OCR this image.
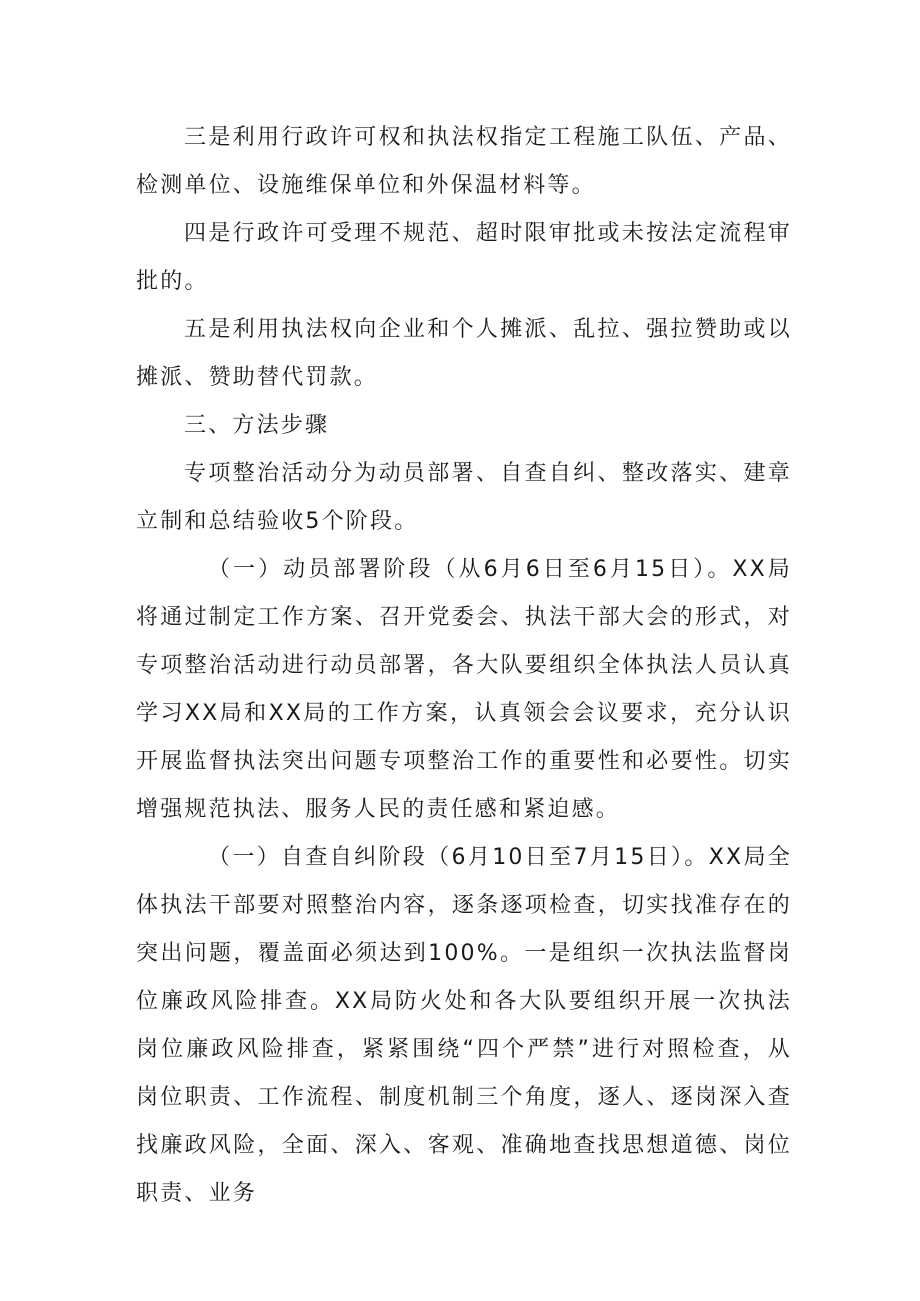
三是利用行政许可权和执法权指定工程施工队伍、产品、检测单位、设施维保单位和外保温材料等。

四是行政许可受理不规范、超时限审批或未按法定流程审批的。

五是利用执法权向企业和个人摊派、乱拉、强拉赞助或以摊派、赞助替代罚款。

三、方法步骤

专项整治活动分为动员部署、自查自纠、整改落实、建章立制和总结验收5个阶段。

（一）动员部署阶段（从6月6日至6月15日）。XX局将通过制定工作方案、召开党委会、执法干部大会的形式，对专项整治活动进行动员部署，各大队要组织全体执法人员认真学习XX局和XX局的工作方案，认真领会会议要求，充分认识开展监督执法突出问题专项整治工作的重要性和必要性。切实增强规范执法、服务人民的责任感和紧迫感。

（一）自查自纠阶段（6月10日至7月15日）。XX局全体执法干部要对照整治内容，逐条逐项检查，切实找准存在的突出问题，覆盖面必须达到100%。一是组织一次执法监督岗位廉政风险排查。XX局防火处和各大队要组织开展一次执法岗位廉政风险排查，紧紧围绕“四个严禁”进行对照检查，从岗位职责、工作流程、制度机制三个角度，逐人、逐岗深入查找廉政风险，全面、深入、客观、准确地查找思想道德、岗位职责、业务
